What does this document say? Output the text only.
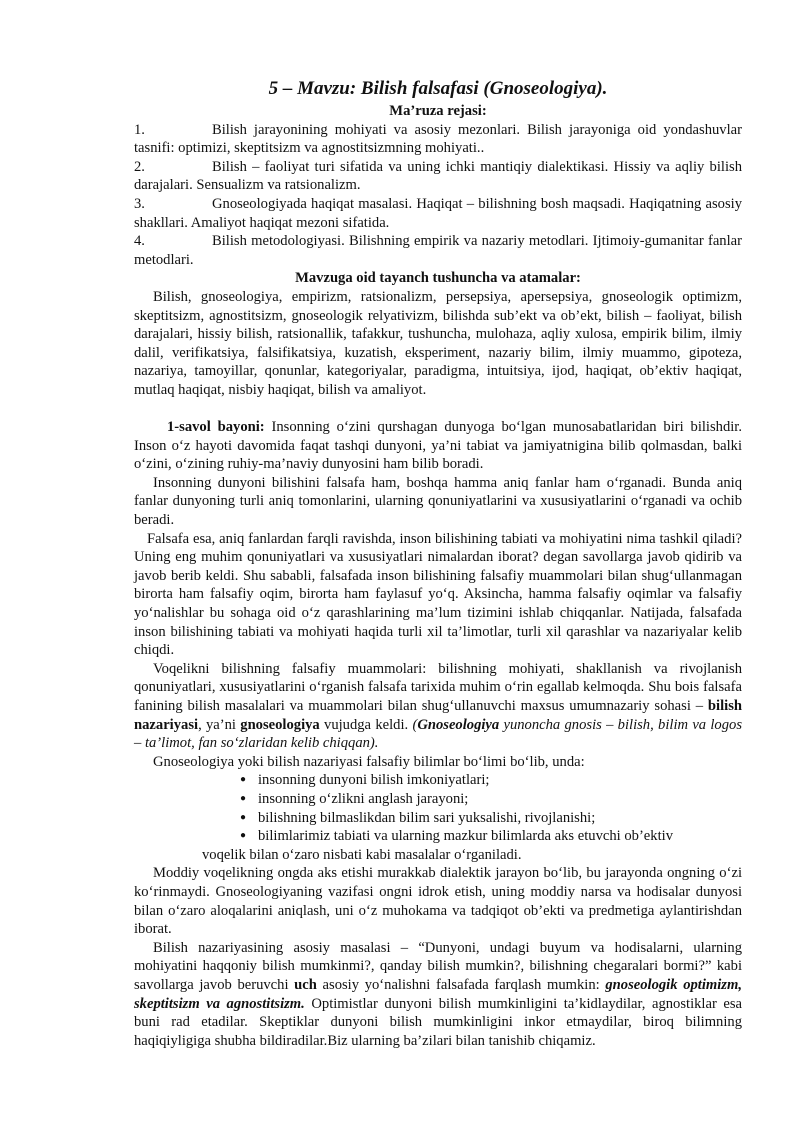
5 – Mavzu: Bilish falsafasi (Gnoseologiya).

Ma’ruza rejasi:

1.	Bilish jarayonining mohiyati va asosiy mezonlari. Bilish jarayoniga oid yondashuvlar tasnifi: optimizi, skeptitsizm va agnostitsizmning mohiyati..

2.	Bilish – faoliyat turi sifatida va uning ichki mantiqiy dialektikasi. Hissiy va aqliy bilish darajalari. Sensualizm va ratsionalizm.

3.	Gnoseologiyada haqiqat masalasi. Haqiqat – bilishning bosh maqsadi. Haqiqatning asosiy shakllari. Amaliyot haqiqat mezoni sifatida.

4.	Bilish metodologiyasi. Bilishning empirik va nazariy metodlari. Ijtimoiy-gumanitar fanlar metodlari.

Mavzuga oid tayanch tushuncha va atamalar:

Bilish, gnoseologiya, empirizm, ratsionalizm, persepsiya, apersepsiya, gnoseologik optimizm, skeptitsizm, agnostitsizm, gnoseologik relyativizm, bilishda sub’ekt va ob’ekt, bilish – faoliyat, bilish darajalari, hissiy bilish, ratsionallik, tafakkur, tushuncha, mulohaza, aqliy xulosa, empirik bilim, ilmiy dalil, verifikatsiya, falsifikatsiya, kuzatish, eksperiment, nazariy bilim, ilmiy muammo, gipoteza, nazariya, tamoyillar, qonunlar, kategoriyalar, paradigma, intuitsiya, ijod, haqiqat, ob’ektiv haqiqat, mutlaq haqiqat, nisbiy haqiqat, bilish va amaliyot.

1-savol bayoni: Insonning o‘zini qurshagan dunyoga bo‘lgan munosabatlaridan biri bilishdir. Inson o‘z hayoti davomida faqat tashqi dunyoni, ya’ni tabiat va jamiyatnigina bilib qolmasdan, balki o‘zini, o‘zining ruhiy-ma’naviy dunyosini ham bilib boradi.

Insonning dunyoni bilishini falsafa ham, boshqa hamma aniq fanlar ham o‘rganadi. Bunda aniq fanlar dunyoning turli aniq tomonlarini, ularning qonuniyatlarini va xususiyatlarini o‘rganadi va ochib beradi.

Falsafa esa, aniq fanlardan farqli ravishda, inson bilishining tabiati va mohiyatini nima tashkil qiladi? Uning eng muhim qonuniyatlari va xususiyatlari nimalardan iborat? degan savollarga javob qidirib va javob berib keldi. Shu sababli, falsafada inson bilishining falsafiy muammolari bilan shug‘ullanmagan birorta ham falsafiy oqim, birorta ham faylasuf yo‘q. Aksincha, hamma falsafiy oqimlar va falsafiy yo‘nalishlar bu sohaga oid o‘z qarashlarining ma’lum tizimini ishlab chiqqanlar. Natijada, falsafada inson bilishining tabiati va mohiyati haqida turli xil ta’limotlar, turli xil qarashlar va nazariyalar kelib chiqdi.

Voqelikni bilishning falsafiy muammolari: bilishning mohiyati, shakllanish va rivojlanish qonuniyatlari, xususiyatlarini o‘rganish falsafa tarixida muhim o‘rin egallab kelmoqda. Shu bois falsafa fanining bilish masalalari va muammolari bilan shug‘ullanuvchi maxsus umumnazariy sohasi – bilish nazariyasi, ya’ni gnoseologiya vujudga keldi. (Gnoseologiya yunoncha gnosis – bilish, bilim va logos – ta’limot, fan so‘zlaridan kelib chiqqan).

Gnoseologiya yoki bilish nazariyasi falsafiy bilimlar bo‘limi bo‘lib, unda:

● insonning dunyoni bilish imkoniyatlari;
● insonning o‘zlikni anglash jarayoni;
● bilishning bilmaslikdan bilim sari yuksalishi, rivojlanishi;
● bilimlarimiz tabiati va ularning mazkur bilimlarda aks etuvchi ob’ektiv

voqelik bilan o‘zaro nisbati kabi masalalar o‘rganiladi.

Moddiy voqelikning ongda aks etishi murakkab dialektik jarayon bo‘lib, bu jarayonda ongning o‘zi ko‘rinmaydi. Gnoseologiyaning vazifasi ongni idrok etish, uning moddiy narsa va hodisalar dunyosi bilan o‘zaro aloqalarini aniqlash, uni o‘z muhokama va tadqiqot ob’ekti va predmetiga aylantirishdan iborat.

Bilish nazariyasining asosiy masalasi – “Dunyoni, undagi buyum va hodisalarni, ularning mohiyatini haqqoniy bilish mumkinmi?, qanday bilish mumkin?, bilishning chegaralari bormi?” kabi savollarga javob beruvchi uch asosiy yo‘nalishni falsafada farqlash mumkin: gnoseologik optimizm, skeptitsizm va agnostitsizm. Optimistlar dunyoni bilish mumkinligini ta’kidlaydilar, agnostiklar esa buni rad etadilar. Skeptiklar dunyoni bilish mumkinligini inkor etmaydilar, biroq bilimning haqiqiyligiga shubha bildiradilar.Biz ularning ba’zilari bilan tanishib chiqamiz.
